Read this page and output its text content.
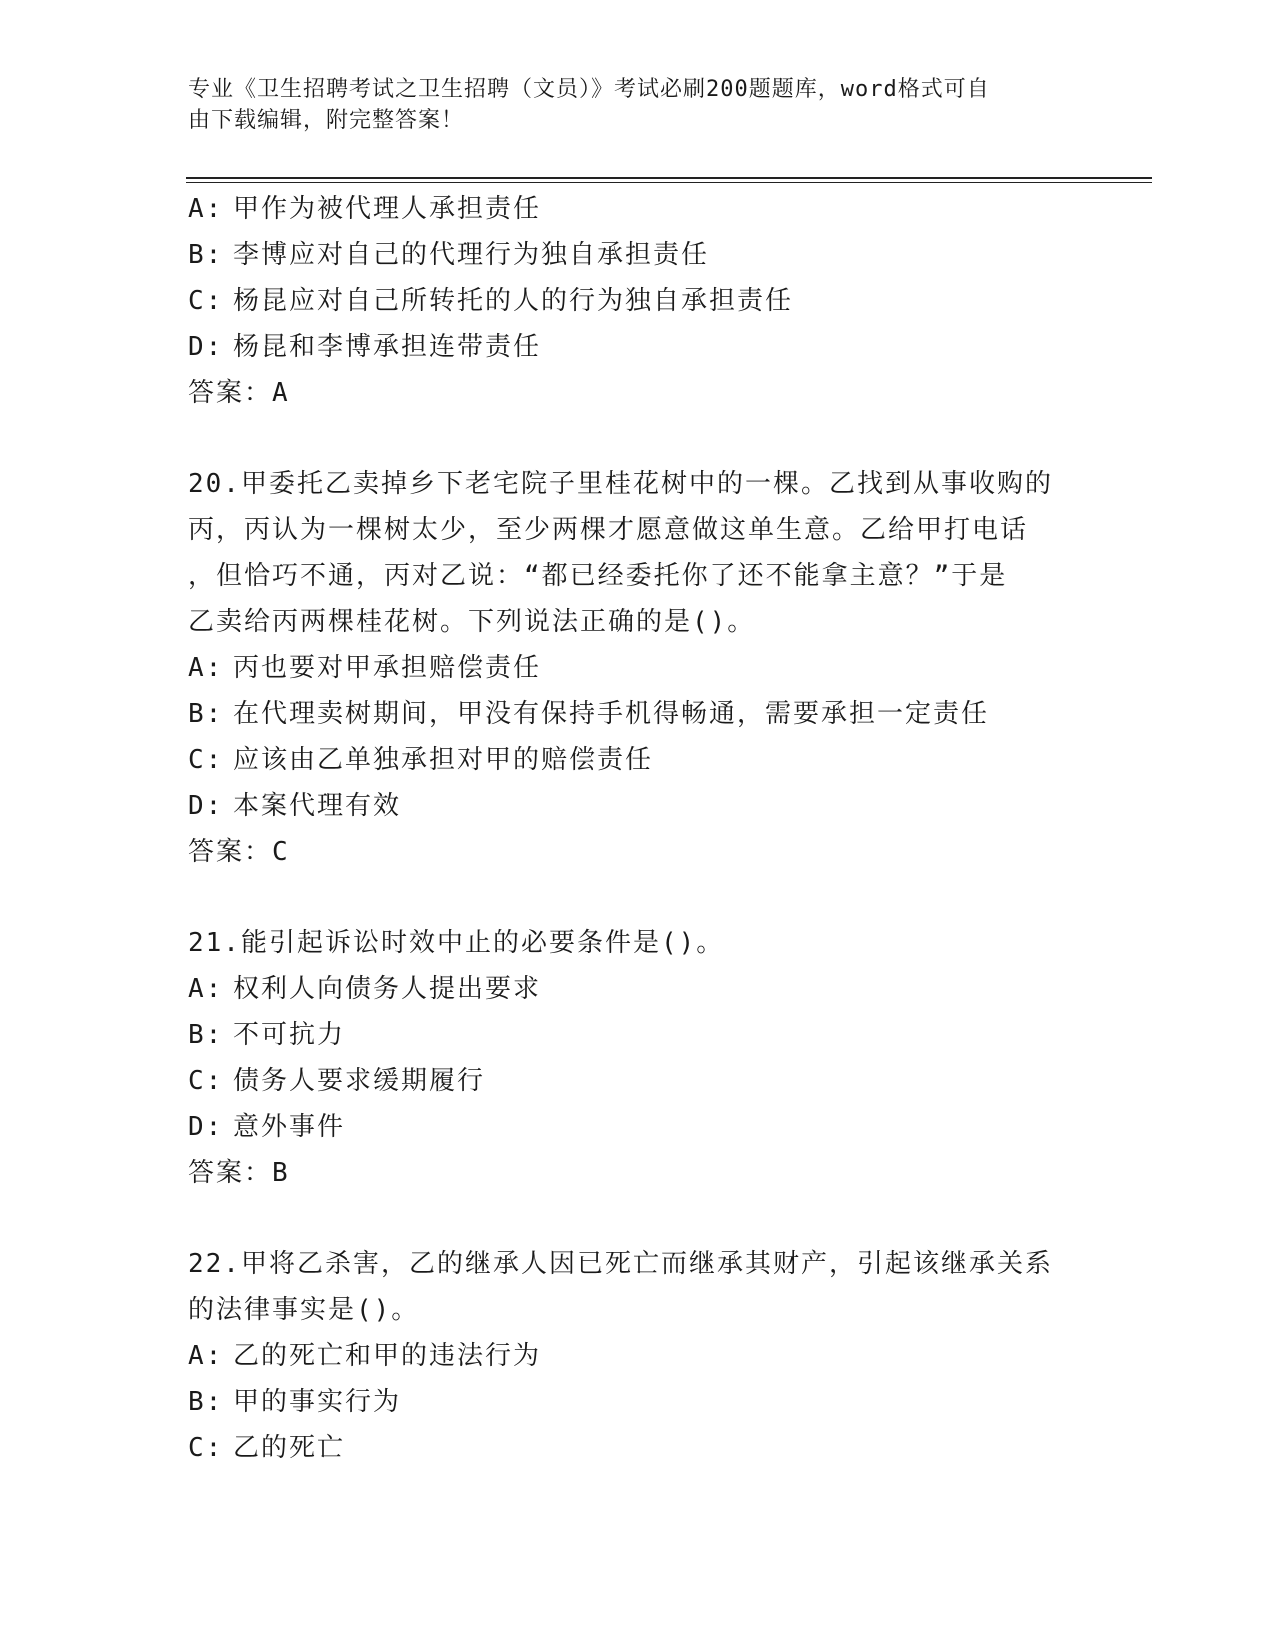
专业《卫生招聘考试之卫生招聘（文员）》考试必刷200题题库，word格式可自
由下载编辑，附完整答案！
A: 甲作为被代理人承担责任
B: 李博应对自己的代理行为独自承担责任
C: 杨昆应对自己所转托的人的行为独自承担责任
D: 杨昆和李博承担连带责任
答案：A
20.甲委托乙卖掉乡下老宅院子里桂花树中的一棵。乙找到从事收购的
丙，丙认为一棵树太少，至少两棵才愿意做这单生意。乙给甲打电话
，但恰巧不通，丙对乙说：“都已经委托你了还不能拿主意？”于是
乙卖给丙两棵桂花树。下列说法正确的是()。
A: 丙也要对甲承担赔偿责任
B: 在代理卖树期间，甲没有保持手机得畅通，需要承担一定责任
C: 应该由乙单独承担对甲的赔偿责任
D: 本案代理有效
答案：C
21.能引起诉讼时效中止的必要条件是()。
A: 权利人向债务人提出要求
B: 不可抗力
C: 债务人要求缓期履行
D: 意外事件
答案：B
22.甲将乙杀害，乙的继承人因已死亡而继承其财产，引起该继承关系
的法律事实是()。
A: 乙的死亡和甲的违法行为
B: 甲的事实行为
C: 乙的死亡
